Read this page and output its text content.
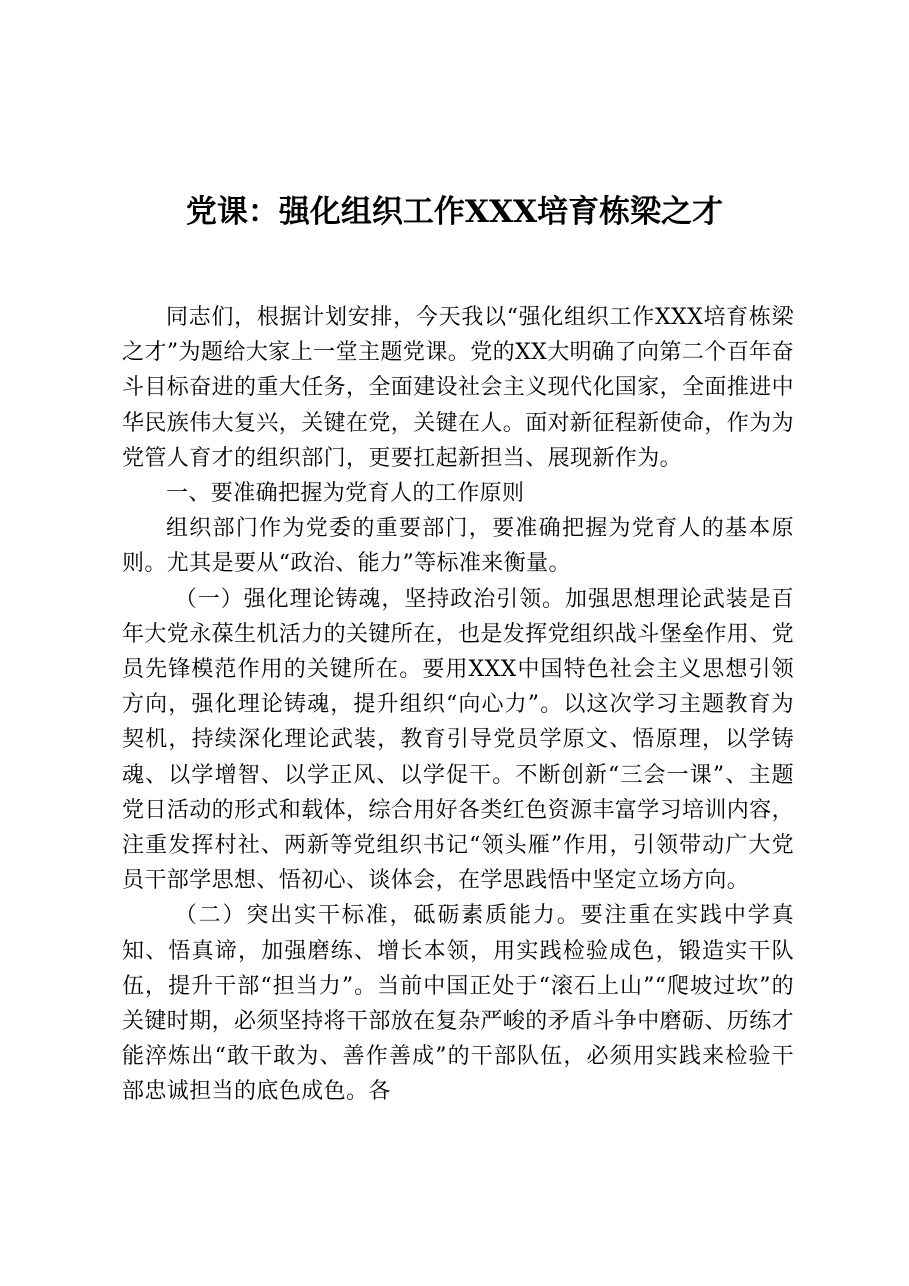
党课：强化组织工作XXX培育栋梁之才

同志们，根据计划安排，今天我以“强化组织工作XXX培育栋梁之才”为题给大家上一堂主题党课。党的XX大明确了向第二个百年奋斗目标奋进的重大任务，全面建设社会主义现代化国家，全面推进中华民族伟大复兴，关键在党，关键在人。面对新征程新使命，作为为党管人育才的组织部门，更要扛起新担当、展现新作为。

一、要准确把握为党育人的工作原则

组织部门作为党委的重要部门，要准确把握为党育人的基本原则。尤其是要从“政治、能力”等标准来衡量。

（一）强化理论铸魂，坚持政治引领。加强思想理论武装是百年大党永葆生机活力的关键所在，也是发挥党组织战斗堡垒作用、党员先锋模范作用的关键所在。要用XXX中国特色社会主义思想引领方向，强化理论铸魂，提升组织“向心力”。以这次学习主题教育为契机，持续深化理论武装，教育引导党员学原文、悟原理，以学铸魂、以学增智、以学正风、以学促干。不断创新“三会一课”、主题党日活动的形式和载体，综合用好各类红色资源丰富学习培训内容，注重发挥村社、两新等党组织书记“领头雁”作用，引领带动广大党员干部学思想、悟初心、谈体会，在学思践悟中坚定立场方向。

（二）突出实干标准，砥砺素质能力。要注重在实践中学真知、悟真谛，加强磨练、增长本领，用实践检验成色，锻造实干队伍，提升干部“担当力”。当前中国正处于“滚石上山”“爬坡过坎”的关键时期，必须坚持将干部放在复杂严峻的矛盾斗争中磨砺、历练才能淬炼出“敢干敢为、善作善成”的干部队伍，必须用实践来检验干部忠诚担当的底色成色。各
